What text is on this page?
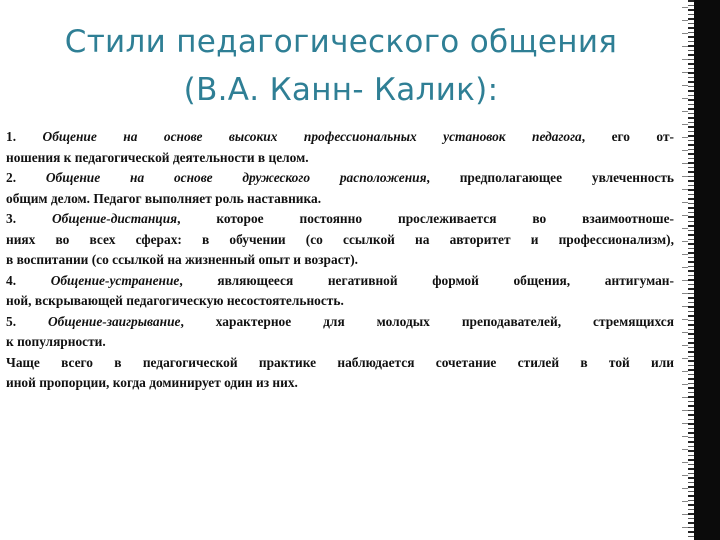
Стили педагогического общения
(В.А. Канн- Калик):
1. Общение на основе высоких профессиональных установок педагога, его от-
ношения к педагогической деятельности в целом.
2. Общение на основе дружеского расположения, предполагающее увлеченность
общим делом. Педагог выполняет роль наставника.
3. Общение-дистанция, которое постоянно прослеживается во взаимоотноше-
ниях во всех сферах: в обучении (со ссылкой на авторитет и профессионализм),
в воспитании (со ссылкой на жизненный опыт и возраст).
4. Общение-устранение, являющееся негативной формой общения, антигуман-
ной, вскрывающей педагогическую несостоятельность.
5. Общение-заигрывание, характерное для молодых преподавателей, стремящихся
к популярности.
Чаще всего в педагогической практике наблюдается сочетание стилей в той или
иной пропорции, когда доминирует один из них.
